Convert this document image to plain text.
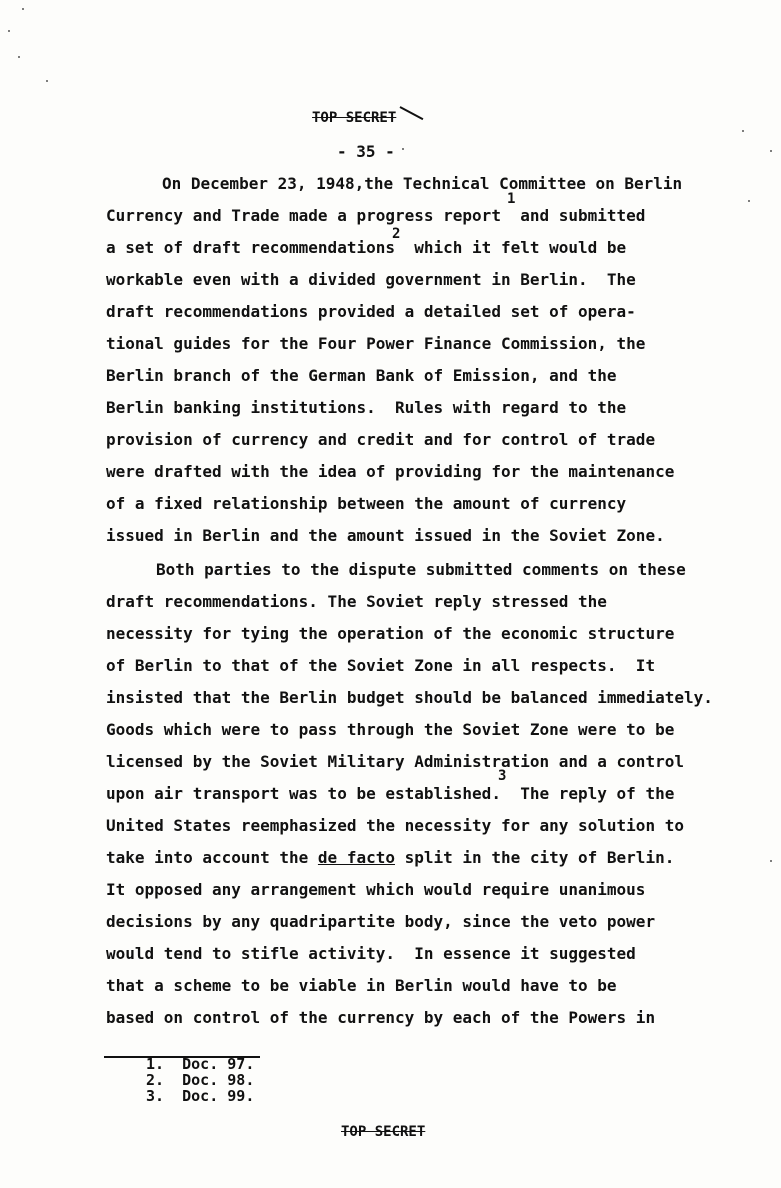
TOP SECRET
- 35 -
On December 23, 1948,the Technical Committee on Berlin
Currency and Trade made a progress report  and submitted
a set of draft recommendations  which it felt would be
workable even with a divided government in Berlin.  The
draft recommendations provided a detailed set of opera-
tional guides for the Four Power Finance Commission, the
Berlin branch of the German Bank of Emission, and the
Berlin banking institutions.  Rules with regard to the
provision of currency and credit and for control of trade
were drafted with the idea of providing for the maintenance
of a fixed relationship between the amount of currency
issued in Berlin and the amount issued in the Soviet Zone.
1
2
Both parties to the dispute submitted comments on these
draft recommendations. The Soviet reply stressed the
necessity for tying the operation of the economic structure
of Berlin to that of the Soviet Zone in all respects.  It
insisted that the Berlin budget should be balanced immediately.
Goods which were to pass through the Soviet Zone were to be
licensed by the Soviet Military Administration and a control
upon air transport was to be established.  The reply of the
United States reemphasized the necessity for any solution to
take into account the de facto split in the city of Berlin.
It opposed any arrangement which would require unanimous
decisions by any quadripartite body, since the veto power
would tend to stifle activity.  In essence it suggested
that a scheme to be viable in Berlin would have to be
based on control of the currency by each of the Powers in
3
1.  Doc. 97.
2.  Doc. 98.
3.  Doc. 99.
TOP SECRET
